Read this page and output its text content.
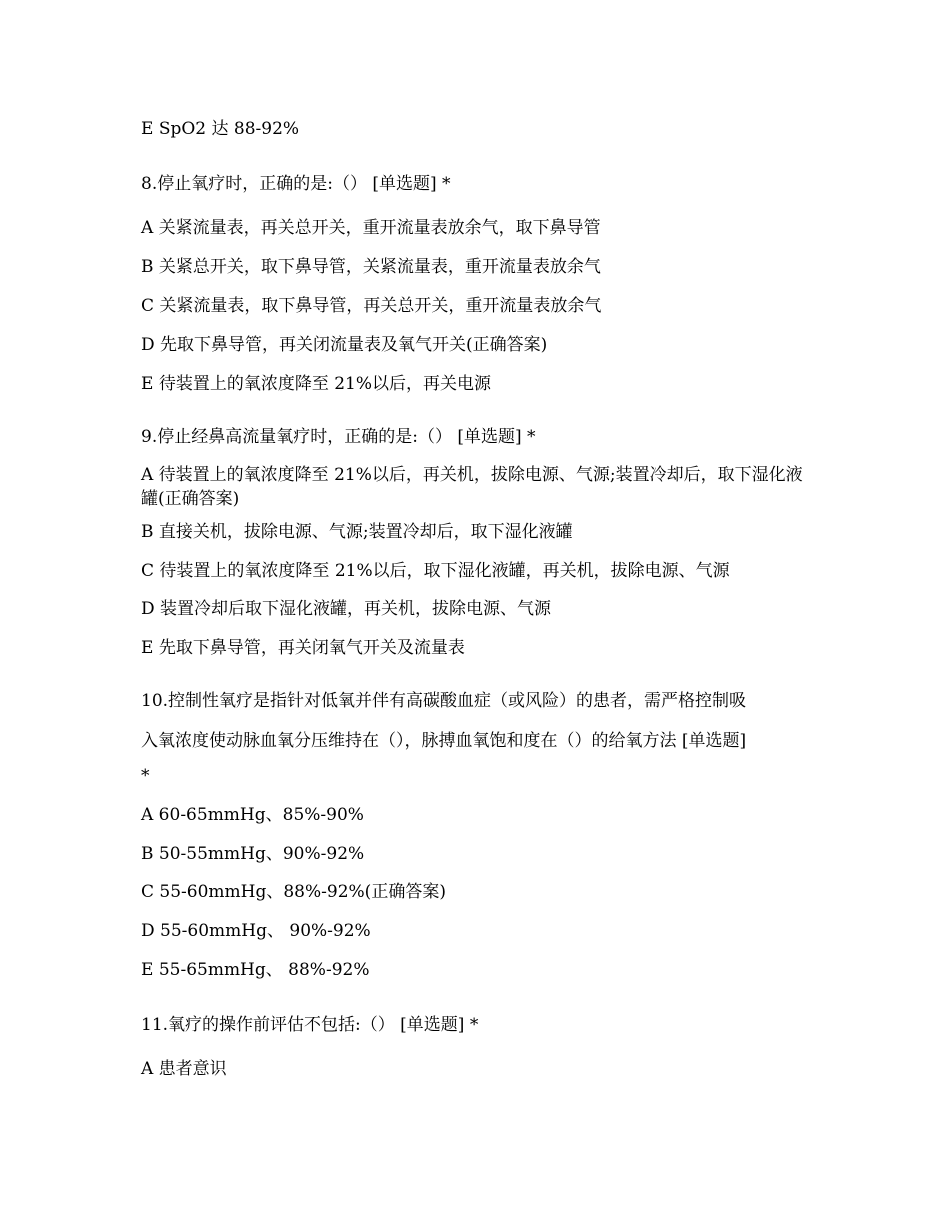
E SpO2 达 88-92%

8.停止氧疗时，正确的是:（） [单选题] *

A 关紧流量表，再关总开关，重开流量表放余气，取下鼻导管

B 关紧总开关，取下鼻导管，关紧流量表，重开流量表放余气

C 关紧流量表，取下鼻导管，再关总开关，重开流量表放余气

D 先取下鼻导管，再关闭流量表及氧气开关(正确答案)

E 待装置上的氧浓度降至 21%以后，再关电源

9.停止经鼻高流量氧疗时，正确的是:（） [单选题] *

A 待装置上的氧浓度降至 21%以后，再关机，拔除电源、气源;装置冷却后，取下湿化液罐(正确答案)

B 直接关机，拔除电源、气源;装置冷却后，取下湿化液罐

C 待装置上的氧浓度降至 21%以后，取下湿化液罐，再关机，拔除电源、气源

D 装置冷却后取下湿化液罐，再关机，拔除电源、气源

E 先取下鼻导管，再关闭氧气开关及流量表

10.控制性氧疗是指针对低氧并伴有高碳酸血症（或风险）的患者，需严格控制吸

入氧浓度使动脉血氧分压维持在（），脉搏血氧饱和度在（）的给氧方法 [单选题]

*

A 60-65mmHg、85%-90%

B 50-55mmHg、90%-92%

C 55-60mmHg、88%-92%(正确答案)

D 55-60mmHg、 90%-92%

E 55-65mmHg、 88%-92%

11.氧疗的操作前评估不包括:（） [单选题] *

A 患者意识
